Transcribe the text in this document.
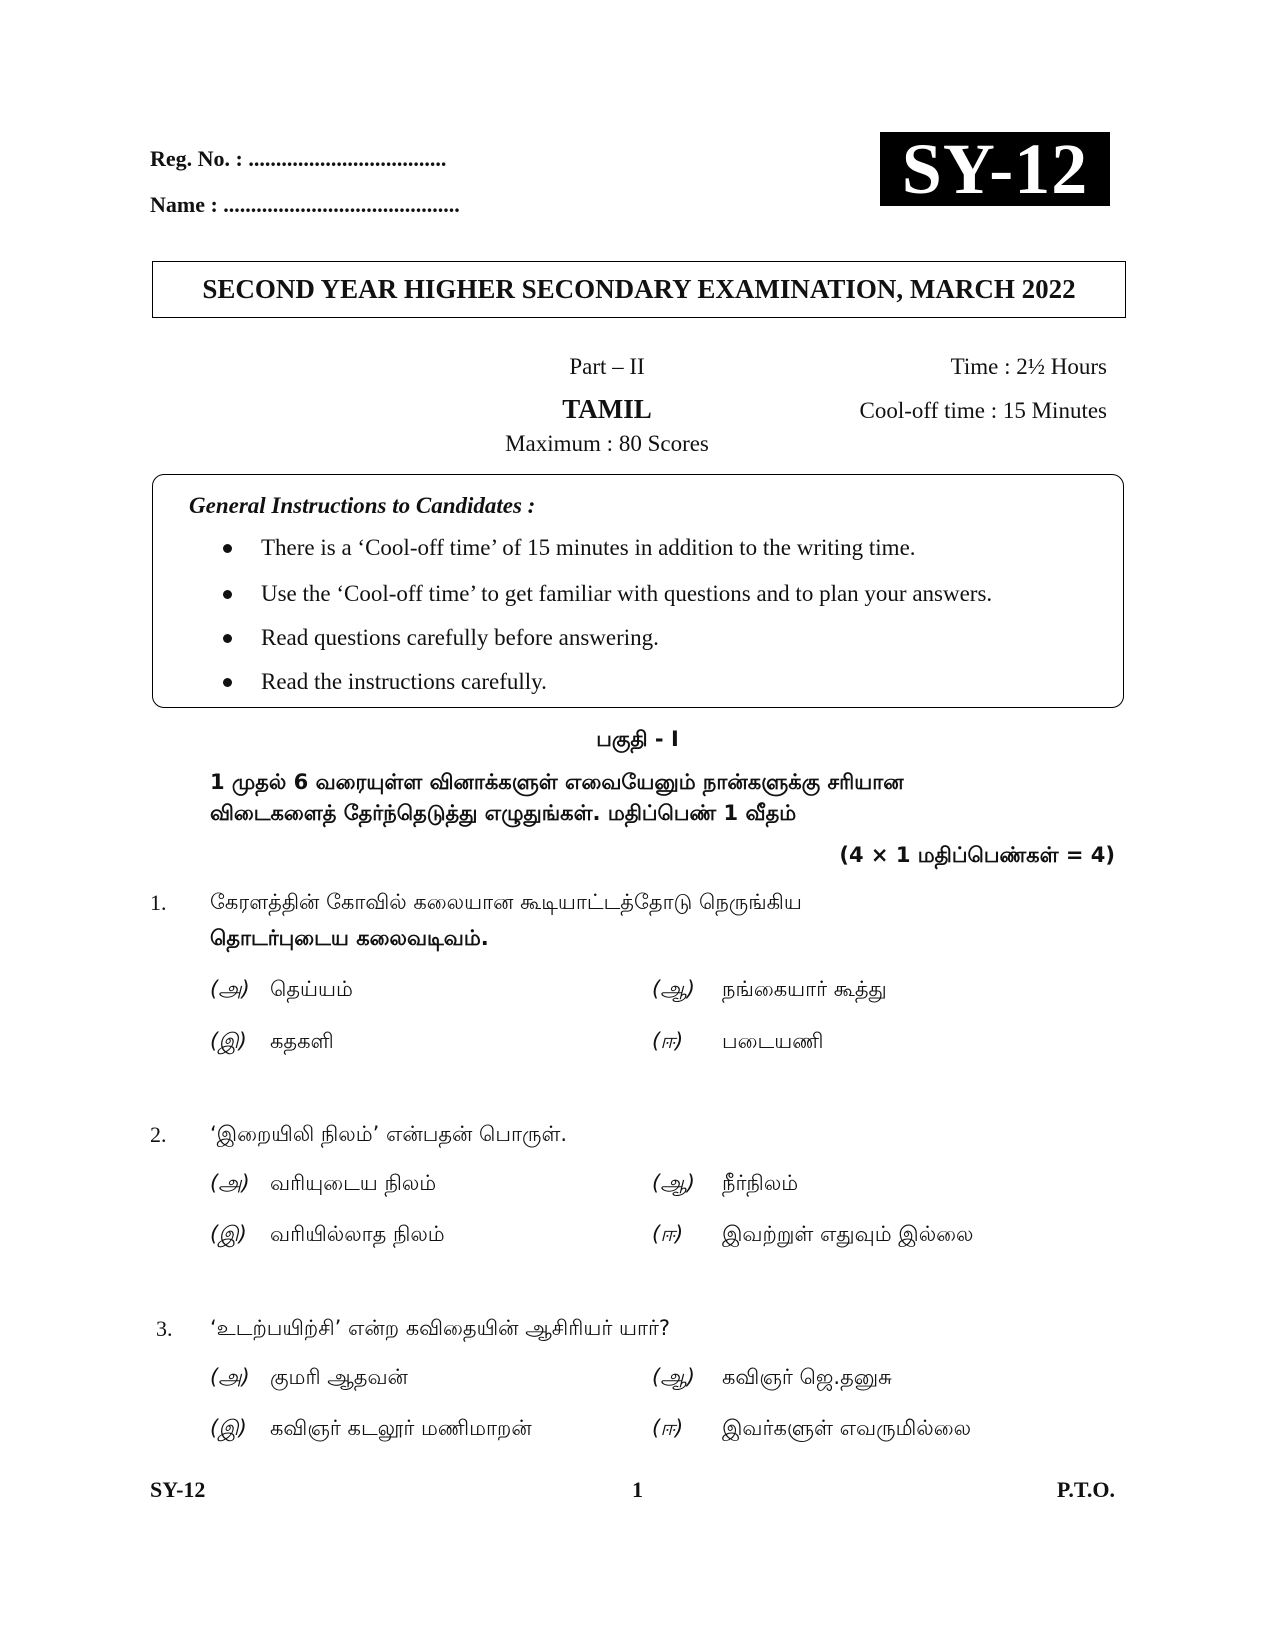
Reg. No. : ....................................
Name : ...........................................	SY-12
SECOND YEAR HIGHER SECONDARY EXAMINATION, MARCH 2022
Part – II
TAMIL
Maximum : 80 Scores
Time : 2½ Hours
Cool-off time : 15 Minutes
General Instructions to Candidates :
There is a ‘Cool-off time’ of 15 minutes in addition to the writing time.
Use the ‘Cool-off time’ to get familiar with questions and to plan your answers.
Read questions carefully before answering.
Read the instructions carefully.
பகுதி - I
1 முதல் 6 வரையுள்ள வினாக்களுள் எவையேனும் நான்களுக்கு சரியான
விடைகளைத் தேர்ந்தெடுத்து எழுதுங்கள். மதிப்பெண் 1 வீதம்
(4 × 1 மதிப்பெண்கள் = 4)
1. கேரளத்தின் கோவில் கலையான கூடியாட்டத்தோடு நெருங்கிய
தொடர்புடைய கலைவடிவம்.
(அ) தெய்யம்	(ஆ) நங்கையார் கூத்து
(இ) கதகளி	(ஈ) படையணி
2. ‘இறையிலி நிலம்’ என்பதன் பொருள்.
(அ) வரியுடைய நிலம்	(ஆ) நீர்நிலம்
(இ) வரியில்லாத நிலம்	(ஈ) இவற்றுள் எதுவும் இல்லை
3. ‘உடற்பயிற்சி’ என்ற கவிதையின் ஆசிரியர் யார்?
(அ) குமரி ஆதவன்	(ஆ) கவிஞர் ஜெ.தனுசு
(இ) கவிஞர் கடலூர் மணிமாறன்	(ஈ) இவர்களுள் எவருமில்லை
SY-12	1	P.T.O.
